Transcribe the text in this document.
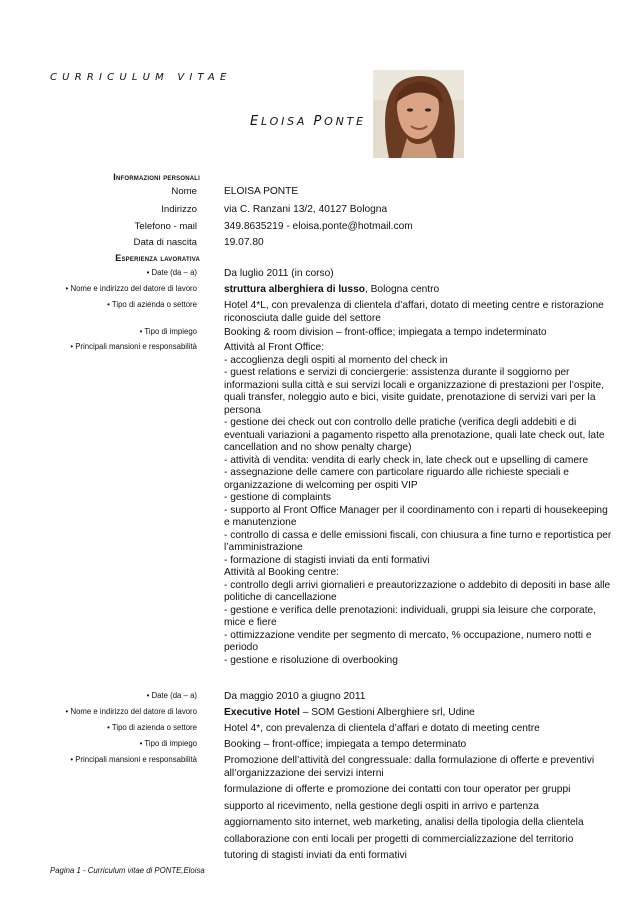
CURRICULUM VITAE
ELOISA PONTE
Informazioni personali
Nome	ELOISA PONTE
Indirizzo	via C. Ranzani 13/2, 40127 Bologna
Telefono - mail	349.8635219 - eloisa.ponte@hotmail.com
Data di nascita	19.07.80
Esperienza lavorativa
• Date (da – a)	Da luglio 2011 (in corso)
• Nome e indirizzo del datore di lavoro	struttura alberghiera di lusso, Bologna centro
• Tipo di azienda o settore	Hotel 4*L, con prevalenza di clientela d’affari, dotato di meeting centre e ristorazione
riconosciuta dalle guide del settore
• Tipo di impiego	Booking & room division – front-office; impiegata a tempo indeterminato
• Principali mansioni e responsabilità	Attività al Front Office:
- accoglienza degli ospiti al momento del check in
- guest relations e servizi di conciergerie: assistenza durante il soggiorno per
informazioni sulla città e sui servizi locali e organizzazione di prestazioni per l’ospite,
quali transfer, noleggio auto e bici, visite guidate, prenotazione di servizi vari per la
persona
- gestione dei check out con controllo delle pratiche (verifica degli addebiti e di
eventuali variazioni a pagamento rispetto alla prenotazione, quali late check out, late
cancellation and no show penalty charge)
- attività di vendita: vendita di early check in, late check out e upselling di camere
- assegnazione delle camere con particolare riguardo alle richieste speciali e
organizzazione di welcoming per ospiti VIP
- gestione di complaints
- supporto al Front Office Manager per il coordinamento con i reparti di housekeeping
e manutenzione
- controllo di cassa e delle emissioni fiscali, con chiusura a fine turno e reportistica per
l’amministrazione
- formazione di stagisti inviati da enti formativi
Attività al Booking centre:
- controllo degli arrivi giornalieri e preautorizzazione o addebito di depositi in base alle
politiche di cancellazione
- gestione e verifica delle prenotazioni: individuali, gruppi sia leisure che corporate,
mice e fiere
- ottimizzazione vendite per segmento di mercato, % occupazione, numero notti e
periodo
- gestione e risoluzione di overbooking
• Date (da – a)	Da maggio 2010 a giugno 2011
• Nome e indirizzo del datore di lavoro	Executive Hotel – SOM Gestioni Alberghiere srl, Udine
• Tipo di azienda o settore	Hotel 4*, con prevalenza di clientela d’affari e dotato di meeting centre
• Tipo di impiego	Booking – front-office; impiegata a tempo determinato
• Principali mansioni e responsabilità	Promozione dell’attività del congressuale: dalla formulazione di offerte e preventivi
all’organizzazione dei servizi interni
formulazione di offerte e promozione dei contatti con tour operator per gruppi
supporto al ricevimento, nella gestione degli ospiti in arrivo e partenza
aggiornamento sito internet, web marketing, analisi della tipologia della clientela
collaborazione con enti locali per progetti di commercializzazione del territorio
tutoring di stagisti inviati da enti formativi
Pagina 1 - Curriculum vitae di PONTE,Eloisa
